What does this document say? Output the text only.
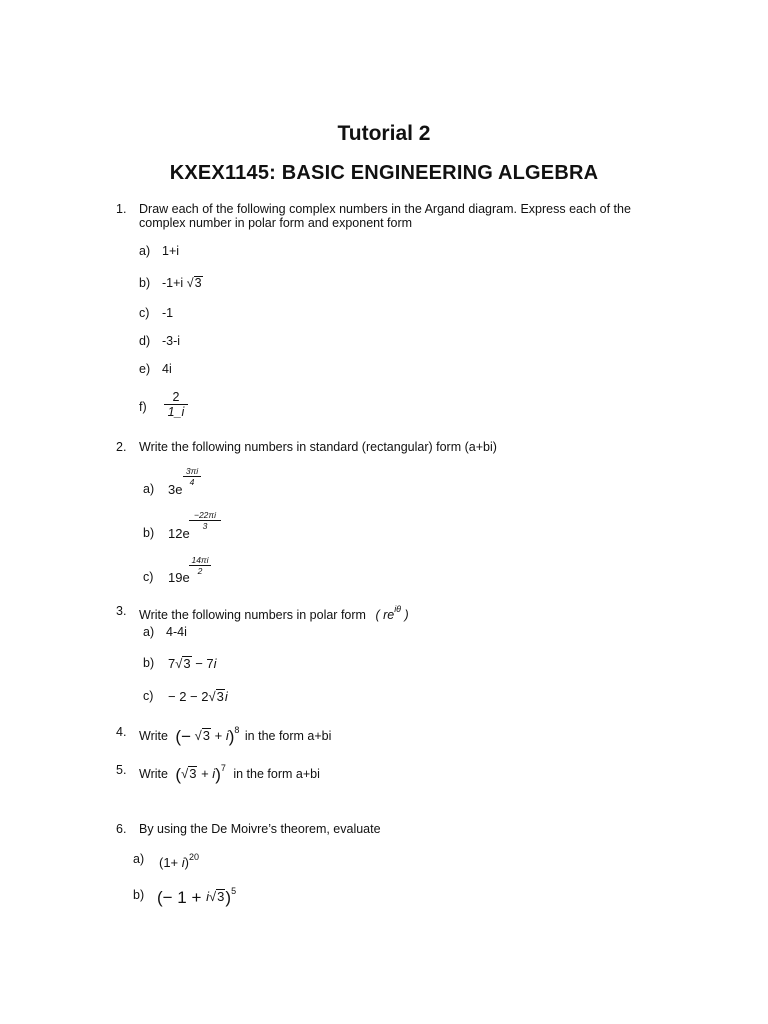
Tutorial 2
KXEX1145: BASIC ENGINEERING ALGEBRA
1. Draw each of the following complex numbers in the Argand diagram. Express each of the
complex number in polar form and exponent form
a) 1+i
b) -1+i √3
c) -1
d) -3-i
e) 4i
$f) \frac{2}{1\_i}$
2. Write the following numbers in standard (rectangular) form (a+bi)
a) 3e
3πi
4
b) 12e
−22πi
3
c) 19e
14πi
2
3. Write the following numbers in polar form ( $re^{i\theta}$ )
a) 4-4i
b) 7√3 − 7i
c) − 2 − 2√3i
4. Write (− √3 + i)$^8$ in the form a+bi
5. Write $(√3 + i)^7$ in the form a+bi
6. By using the De Moivre’s theorem, evaluate
a) $(1+ i)^{20}$
b) (− 1 + i√3)$^5$
